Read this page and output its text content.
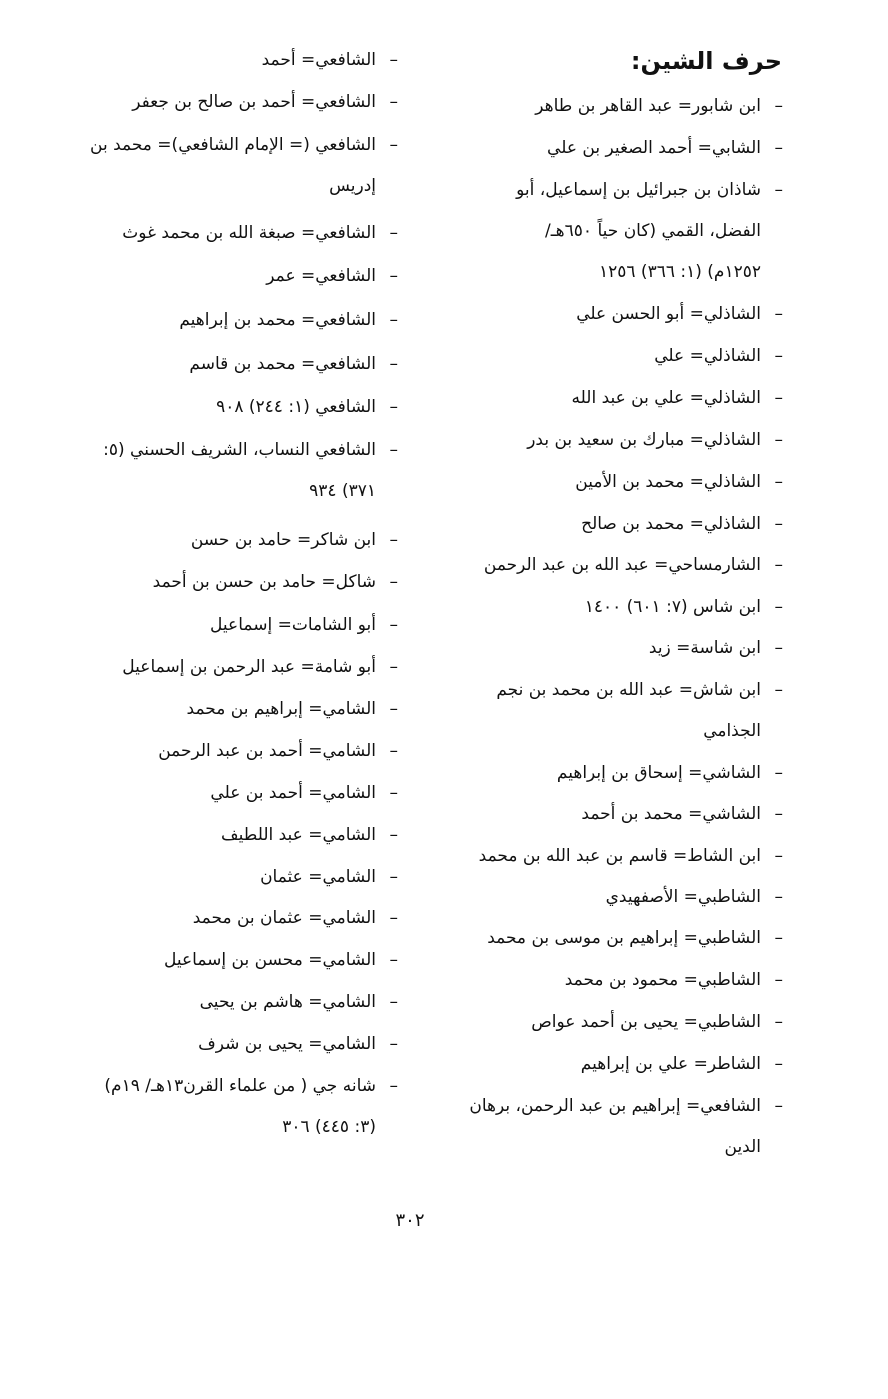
حرف الشين:
–ابن شابور= عبد القاهر بن طاهر
–الشابي= أحمد الصغير بن علي
–شاذان بن جبرائيل بن إسماعيل، أبو
الفضل، القمي (كان حياً ٦٥٠هـ/
١٢٥٢م) (١: ٣٦٦) ١٢٥٦
–الشاذلي= أبو الحسن علي
–الشاذلي= علي
–الشاذلي= علي بن عبد الله
–الشاذلي= مبارك بن سعيد بن بدر
–الشاذلي= محمد بن الأمين
–الشاذلي= محمد بن صالح
–الشارمساحي= عبد الله بن عبد الرحمن
–ابن شاس (٧: ٦٠١) ١٤٠٠
–ابن شاسة= زيد
–ابن شاش= عبد الله بن محمد بن نجم
الجذامي
–الشاشي= إسحاق بن إبراهيم
–الشاشي= محمد بن أحمد
–ابن الشاط= قاسم بن عبد الله بن محمد
–الشاطبي= الأصفهيدي
–الشاطبي= إبراهيم بن موسى بن محمد
–الشاطبي= محمود بن محمد
–الشاطبي= يحيى بن أحمد عواص
–الشاطر= علي بن إبراهيم
–الشافعي= إبراهيم بن عبد الرحمن، برهان
الدين
–الشافعي= أحمد
–الشافعي= أحمد بن صالح بن جعفر
–الشافعي (= الإمام الشافعي)= محمد بن
إدريس
–الشافعي= صبغة الله بن محمد غوث
–الشافعي= عمر
–الشافعي= محمد بن إبراهيم
–الشافعي= محمد بن قاسم
–الشافعي (١: ٢٤٤) ٩٠٨
–الشافعي النساب، الشريف الحسني (٥:
٣٧١) ٩٣٤
–ابن شاكر= حامد بن حسن
–شاكل= حامد بن حسن بن أحمد
–أبو الشامات= إسماعيل
–أبو شامة= عبد الرحمن بن إسماعيل
–الشامي= إبراهيم بن محمد
–الشامي= أحمد بن عبد الرحمن
–الشامي= أحمد بن علي
–الشامي= عبد اللطيف
–الشامي= عثمان
–الشامي= عثمان بن محمد
–الشامي= محسن بن إسماعيل
–الشامي= هاشم بن يحيى
–الشامي= يحيى بن شرف
–شانه جي ( من علماء القرن١٣هـ/ ١٩م)
(٣: ٤٤٥) ٣٠٦
٣٠٢
